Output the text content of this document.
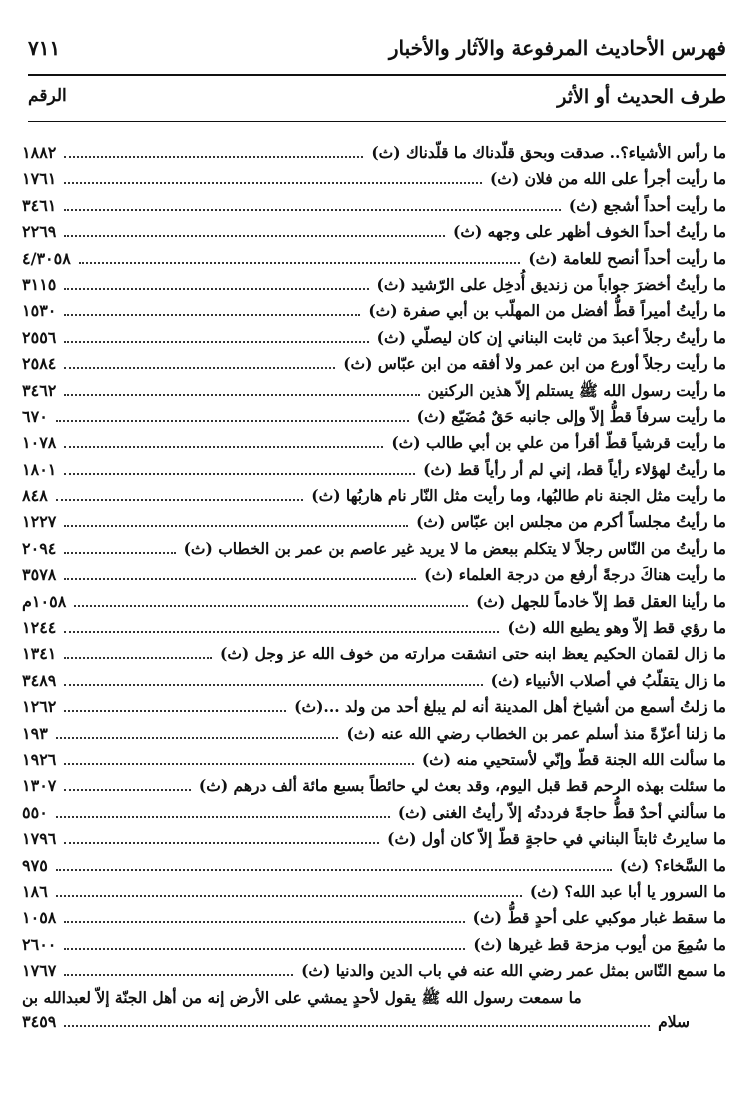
فهرس الأحاديث المرفوعة والآثار والأخبار
٧١١
طرف الحديث أو الأثر
الرقم
ما رأس الأشياء؟.. صدقت وبحق قلّدناك ما قلّدناك (ث)
١٨٨٢
ما رأيت أجرأ على الله من فلان (ث)
١٧٦١
ما رأيت أحداً أشجع (ث)
٣٤٦١
ما رأيتُ أحداً الخوف أظهر على وجهه (ث)
٢٢٦٩
ما رأيت أحداً أنصح للعامة (ث)
٤/٣٠٥٨
ما رأيتُ أخضرَ جواباً من زنديق أُدخِل على الرّشيد (ث)
٣١١٥
ما رأيتُ أميراً قطُّ أفضل من المهلّب بن أبي صفرة (ث)
١٥٣٠
ما رأيتُ رجلاً أعبدَ من ثابت البناني إن كان ليصلّي (ث)
٢٥٥٦
ما رأيت رجلاً أورع من ابن عمر ولا أفقه من ابن عبّاس (ث)
٢٥٨٤
ما رأيت رسول الله ﷺ يستلم إلاّ هذين الركنين
٣٤٦٢
ما رأيت سرفاً قطُّ إلاّ وإلى جانبه حَقٌ مُضَيّع (ث)
٦٧٠
ما رأيت قرشياً قطّ أقرأ من علي بن أبي طالب (ث)
١٠٧٨
ما رأيتُ لهؤلاء رأياً قط، إني لم أر رأياً قط (ث)
١٨٠١
ما رأيت مثل الجنة نام طالبُها، وما رأيت مثل النّار نام هاربُها (ث)
٨٤٨
ما رأيتُ مجلساً أكرم من مجلس ابن عبّاس (ث)
١٢٢٧
ما رأيتُ من النّاس رجلاً لا يتكلم ببعض ما لا يريد غير عاصم بن عمر بن الخطاب (ث)
٢٠٩٤
ما رأيت هناكَ درجةً أرفع من درجة العلماء (ث)
٣٥٧٨
ما رأينا العقل قط إلاّ خادماً للجهل (ث)
١٠٥٨م
ما رؤي قط إلاّ وهو يطيع الله (ث)
١٢٤٤
ما زال لقمان الحكيم يعظ ابنه حتى انشقت مرارته من خوف الله عز وجل (ث)
١٣٤١
ما زال يتقلّبُ في أصلاب الأنبياء (ث)
٣٤٨٩
ما زلتُ أسمع من أشياخ أهل المدينة أنه لم يبلغ أحد من ولد ...(ث)
١٢٦٢
ما زلنا أعزّةً منذ أسلم عمر بن الخطاب رضي الله عنه (ث)
١٩٣
ما سألت الله الجنة قطّ وإنّي لأستحيي منه (ث)
١٩٢٦
ما سئلت بهذه الرحم قط قبل اليوم، وقد بعث لي حائطاً بسبع مائة ألف درهم (ث)
١٣٠٧
ما سألني أحدٌ قطُّ حاجةً فرددتُه إلاّ رأيتُ الغنى (ث)
٥٥٠
ما سايرتُ ثابتاً البناني في حاجةٍ قطّ إلاّ كان أول (ث)
١٧٩٦
ما السَّخاء؟ (ث)
٩٧٥
ما السرور يا أبا عبد الله؟ (ث)
١٨٦
ما سقط غبار موكبي على أحدٍ قطُّ (ث)
١٠٥٨
ما سُمِعَ من أيوب مزحة قط غيرها (ث)
٢٦٠٠
ما سمع النّاس بمثل عمر رضي الله عنه في باب الدين والدنيا (ث)
١٧٦٧
ما سمعت رسول الله ﷺ يقول لأحدٍ يمشي على الأرض إنه من أهل الجنّة إلاّ لعبدالله بن
سلام
٣٤٥٩
